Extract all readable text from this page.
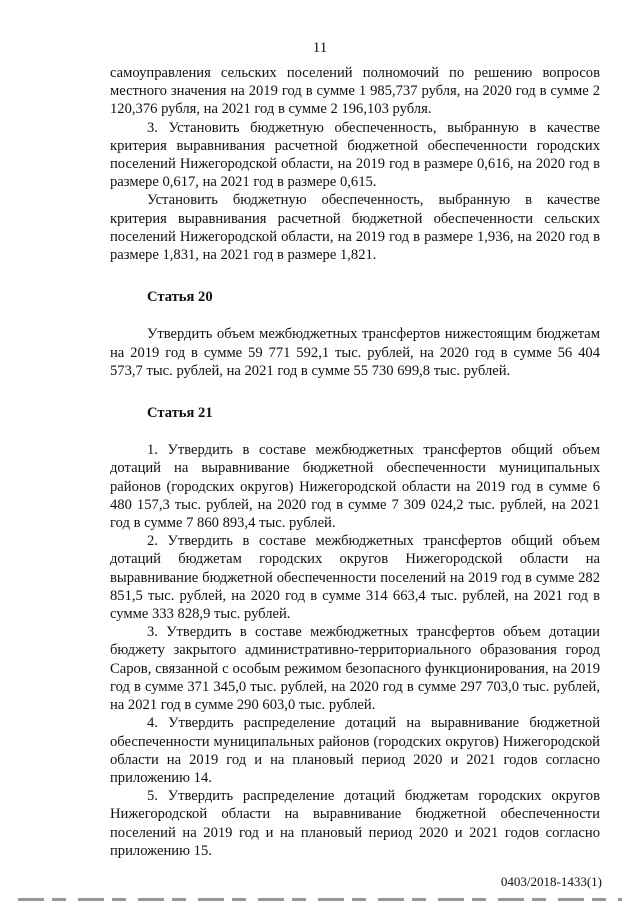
11

самоуправления сельских поселений полномочий по решению вопросов местного значения на 2019 год в сумме 1 985,737 рубля, на 2020 год в сумме 2 120,376 рубля, на 2021 год в сумме 2 196,103 рубля.

3. Установить бюджетную обеспеченность, выбранную в качестве критерия выравнивания расчетной бюджетной обеспеченности городских поселений Нижегородской области, на 2019 год в размере 0,616, на 2020 год в размере 0,617, на 2021 год в размере 0,615.

Установить бюджетную обеспеченность, выбранную в качестве критерия выравнивания расчетной бюджетной обеспеченности сельских поселений Нижегородской области, на 2019 год в размере 1,936, на 2020 год в размере 1,831, на 2021 год в размере 1,821.

Статья 20

Утвердить объем межбюджетных трансфертов нижестоящим бюджетам на 2019 год в сумме 59 771 592,1 тыс. рублей, на 2020 год в сумме 56 404 573,7 тыс. рублей, на 2021 год в сумме 55 730 699,8 тыс. рублей.

Статья 21

1. Утвердить в составе межбюджетных трансфертов общий объем дотаций на выравнивание бюджетной обеспеченности муниципальных районов (городских округов) Нижегородской области на 2019 год в сумме 6 480 157,3 тыс. рублей, на 2020 год в сумме 7 309 024,2 тыс. рублей, на 2021 год в сумме 7 860 893,4 тыс. рублей.

2. Утвердить в составе межбюджетных трансфертов общий объем дотаций бюджетам городских округов Нижегородской области на выравнивание бюджетной обеспеченности поселений на 2019 год в сумме 282 851,5 тыс. рублей, на 2020 год в сумме 314 663,4 тыс. рублей, на 2021 год в сумме 333 828,9 тыс. рублей.

3. Утвердить в составе межбюджетных трансфертов объем дотации бюджету закрытого административно-территориального образования город Саров, связанной с особым режимом безопасного функционирования, на 2019 год в сумме 371 345,0 тыс. рублей, на 2020 год в сумме 297 703,0 тыс. рублей, на 2021 год в сумме 290 603,0 тыс. рублей.

4. Утвердить распределение дотаций на выравнивание бюджетной обеспеченности муниципальных районов (городских округов) Нижегородской области на 2019 год и на плановый период 2020 и 2021 годов согласно приложению 14.

5. Утвердить распределение дотаций бюджетам городских округов Нижегородской области на выравнивание бюджетной обеспеченности поселений на 2019 год и на плановый период 2020 и 2021 годов согласно приложению 15.

0403/2018-1433(1)
